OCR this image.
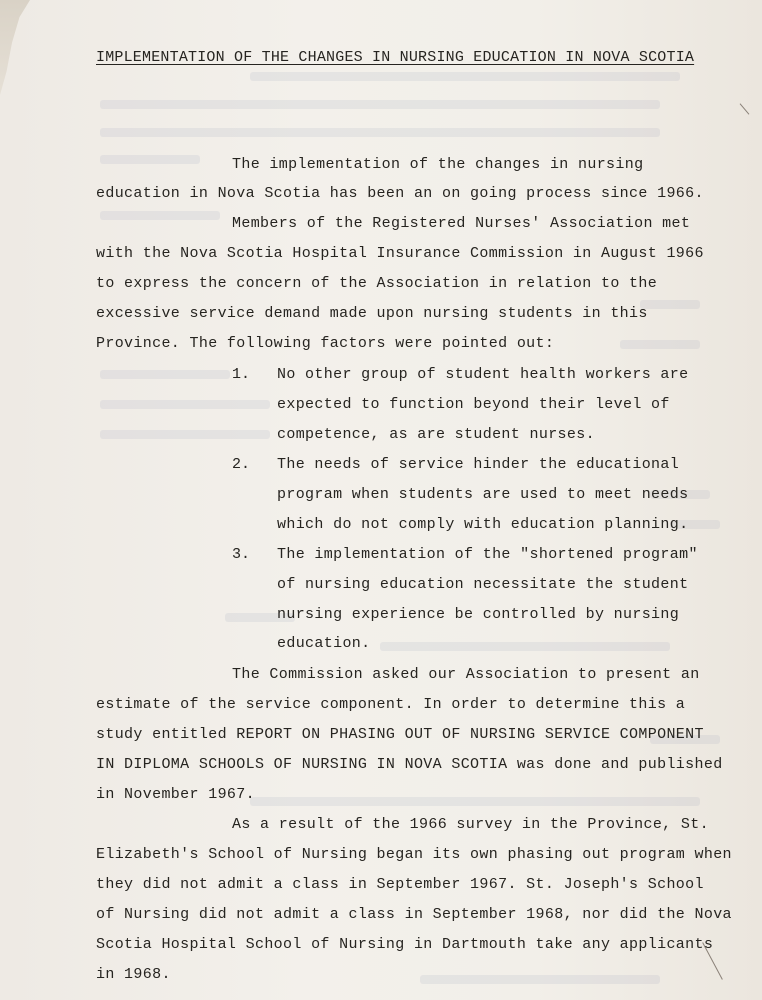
IMPLEMENTATION OF THE CHANGES IN NURSING EDUCATION IN NOVA SCOTIA
The implementation of the changes in nursing
education in Nova Scotia has been an on going process since 1966.
Members of the Registered Nurses' Association met
with the Nova Scotia Hospital Insurance Commission in August 1966
to express the concern of the Association in relation to the
excessive service demand made upon nursing students in this
Province. The following factors were pointed out:
1. No other group of student health workers are
expected to function beyond their level of
competence, as are student nurses.
2. The needs of service hinder the educational
program when students are used to meet needs
which do not comply with education planning.
3. The implementation of the "shortened program"
of nursing education necessitate the student
nursing experience be controlled by nursing
education.
The Commission asked our Association to present an
estimate of the service component. In order to determine this a
study entitled REPORT ON PHASING OUT OF NURSING SERVICE COMPONENT
IN DIPLOMA SCHOOLS OF NURSING IN NOVA SCOTIA was done and published
in November 1967.
As a result of the 1966 survey in the Province, St.
Elizabeth's School of Nursing began its own phasing out program when
they did not admit a class in September 1967. St. Joseph's School
of Nursing did not admit a class in September 1968, nor did the Nova
Scotia Hospital School of Nursing in Dartmouth take any applicants
in 1968.
